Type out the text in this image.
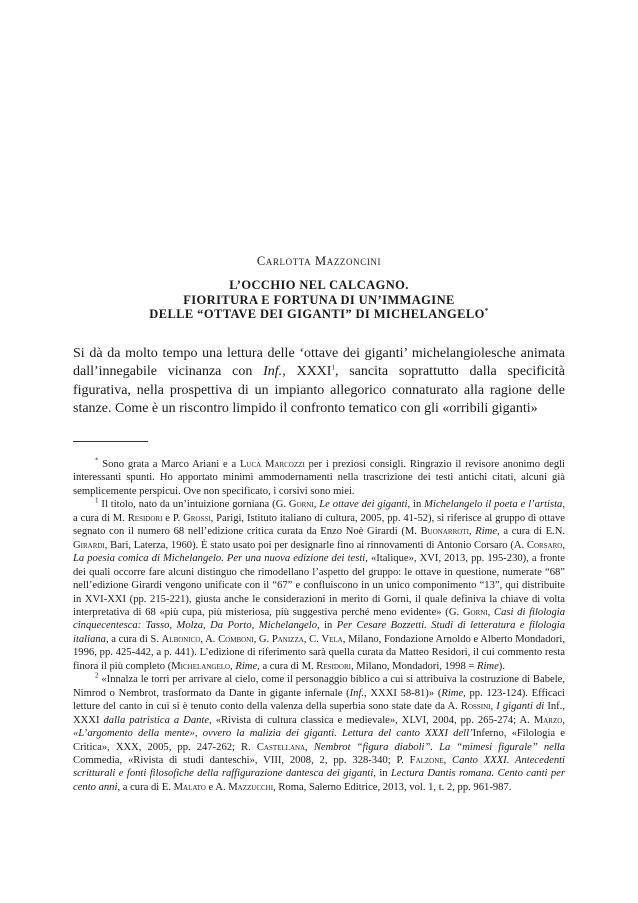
Carlotta Mazzoncini

L’OCCHIO NEL CALCAGNO.
FIORITURA E FORTUNA DI UN’IMMAGINE
DELLE “OTTAVE DEI GIGANTI” DI MICHELANGELO*

Si dà da molto tempo una lettura delle ‘ottave dei giganti’ michelangiolesche animata dall’innegabile vicinanza con Inf., XXXI$^1$, sancita soprattutto dalla specificità figurativa, nella prospettiva di un impianto allegorico connaturato alla ragione delle stanze. Come è un riscontro limpido il confronto tematico con gli «orribili giganti»

* Sono grata a Marco Ariani e a Luca Marcozzi per i preziosi consigli. Ringrazio il revisore anonimo degli interessanti spunti. Ho apportato minimi ammodernamenti nella trascrizione dei testi antichi citati, alcuni già semplicemente perspicui. Ove non specificato, i corsivi sono miei.

$^1$ Il titolo, nato da un’intuizione gorniana (G. Gorni, Le ottave dei giganti, in Michelangelo il poeta e l’artista, a cura di M. Residori e P. Grossi, Parigi, Istituto italiano di cultura, 2005, pp. 41-52), si riferisce al gruppo di ottave segnato con il numero 68 nell’edizione critica curata da Enzo Noè Girardi (M. Buonarroti, Rime, a cura di E.N. Girardi, Bari, Laterza, 1960). È stato usato poi per designarle fino ai rinnovamenti di Antonio Corsaro (A. Corsaro, La poesia comica di Michelangelo. Per una nuova edizione dei testi, «Italique», XVI, 2013, pp. 195-230), a fronte dei quali occorre fare alcuni distinguo che rimodellano l’aspetto del gruppo: le ottave in questione, numerate “68” nell’edizione Girardi vengono unificate con il “67” e confluiscono in un unico componimento “13”, qui distribuite in XVI-XXI (pp. 215-221), giusta anche le considerazioni in merito di Gorni, il quale definiva la chiave di volta interpretativa di 68 «più cupa, più misteriosa, più suggestiva perché meno evidente» (G. Gorni, Casi di filologia cinquecentesca: Tasso, Molza, Da Porto, Michelangelo, in Per Cesare Bozzetti. Studi di letteratura e filologia italiana, a cura di S. Albonico, A. Comboni, G. Panizza, C. Vela, Milano, Fondazione Arnoldo e Alberto Mondadori, 1996, pp. 425-442, a p. 441). L’edizione di riferimento sarà quella curata da Matteo Residori, il cui commento resta finora il più completo (Michelangelo, Rime, a cura di M. Residori, Milano, Mondadori, 1998 = Rime).

$^2$ «Innalza le torri per arrivare al cielo, come il personaggio biblico a cui si attribuiva la costruzione di Babele, Nimrod o Nembrot, trasformato da Dante in gigante infernale (Inf., XXXI 58-81)» (Rime, pp. 123-124). Efficaci letture del canto in cui si è tenuto conto della valenza della superbia sono state date da A. Rossini, I giganti di Inf., XXXI dalla patristica a Dante, «Rivista di cultura classica e medievale», XLVI, 2004, pp. 265-274; A. Marzo, «L’argomento della mente», ovvero la malizia dei giganti. Lettura del canto XXXI dell’Inferno, «Filologia e Critica», XXX, 2005, pp. 247-262; R. Castellana, Nembrot “figura diaboli”. La “mimesi figurale” nella Commedia, «Rivista di studi danteschi», VIII, 2008, 2, pp. 328-340; P. Falzone, Canto XXXI. Antecedenti scritturali e fonti filosofiche della raffigurazione dantesca dei giganti, in Lectura Dantis romana. Cento canti per cento anni, a cura di E. Malato e A. Mazzucchi, Roma, Salerno Editrice, 2013, vol. 1, t. 2, pp. 961-987.
